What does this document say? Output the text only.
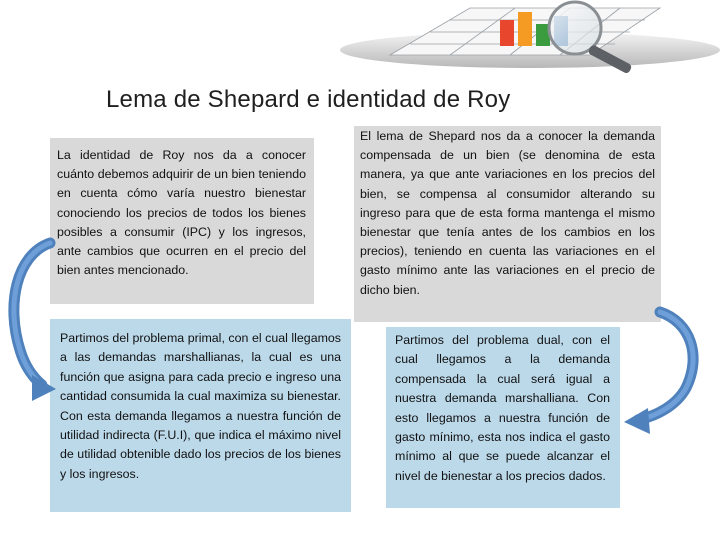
Lema de Shepard e identidad de Roy
La identidad de Roy nos da a conocer cuánto debemos adquirir de un bien teniendo en cuenta cómo varía nuestro bienestar conociendo los precios de todos los bienes posibles a consumir (IPC) y los ingresos, ante cambios que ocurren en el precio del bien antes mencionado.
El lema de Shepard nos da a conocer la demanda compensada de un bien (se denomina de esta manera, ya que ante variaciones en los precios del bien, se compensa al consumidor alterando su ingreso para que de esta forma mantenga el mismo bienestar que tenía antes de los cambios en los precios), teniendo en cuenta las variaciones en el gasto mínimo ante las variaciones en el precio de dicho bien.
Partimos del problema primal, con el cual llegamos a las demandas marshallianas, la cual es una función que asigna para cada precio e ingreso una cantidad consumida la cual maximiza su bienestar. Con esta demanda llegamos a nuestra función de utilidad indirecta (F.U.I), que indica el máximo nivel de utilidad obtenible dado los precios de los bienes y los ingresos.
Partimos del problema dual, con el cual llegamos a la demanda compensada la cual será igual a nuestra demanda marshalliana. Con esto llegamos a nuestra función de gasto mínimo, esta nos indica el gasto mínimo al que se puede alcanzar el nivel de bienestar a los precios dados.
